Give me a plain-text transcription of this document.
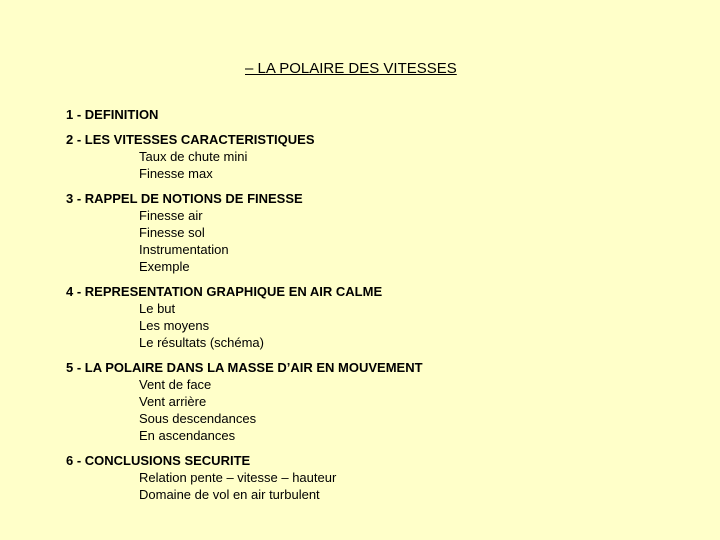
– LA POLAIRE DES VITESSES
1 - DEFINITION
2 - LES VITESSES CARACTERISTIQUES
Taux de chute mini
Finesse max
3 - RAPPEL DE NOTIONS DE FINESSE
Finesse air
Finesse sol
Instrumentation
Exemple
4 - REPRESENTATION GRAPHIQUE EN AIR CALME
Le but
Les moyens
Le résultats (schéma)
5 - LA POLAIRE DANS LA MASSE D’AIR EN MOUVEMENT
Vent de face
Vent arrière
Sous descendances
En ascendances
6 - CONCLUSIONS SECURITE
Relation pente – vitesse – hauteur
Domaine de vol en air turbulent
